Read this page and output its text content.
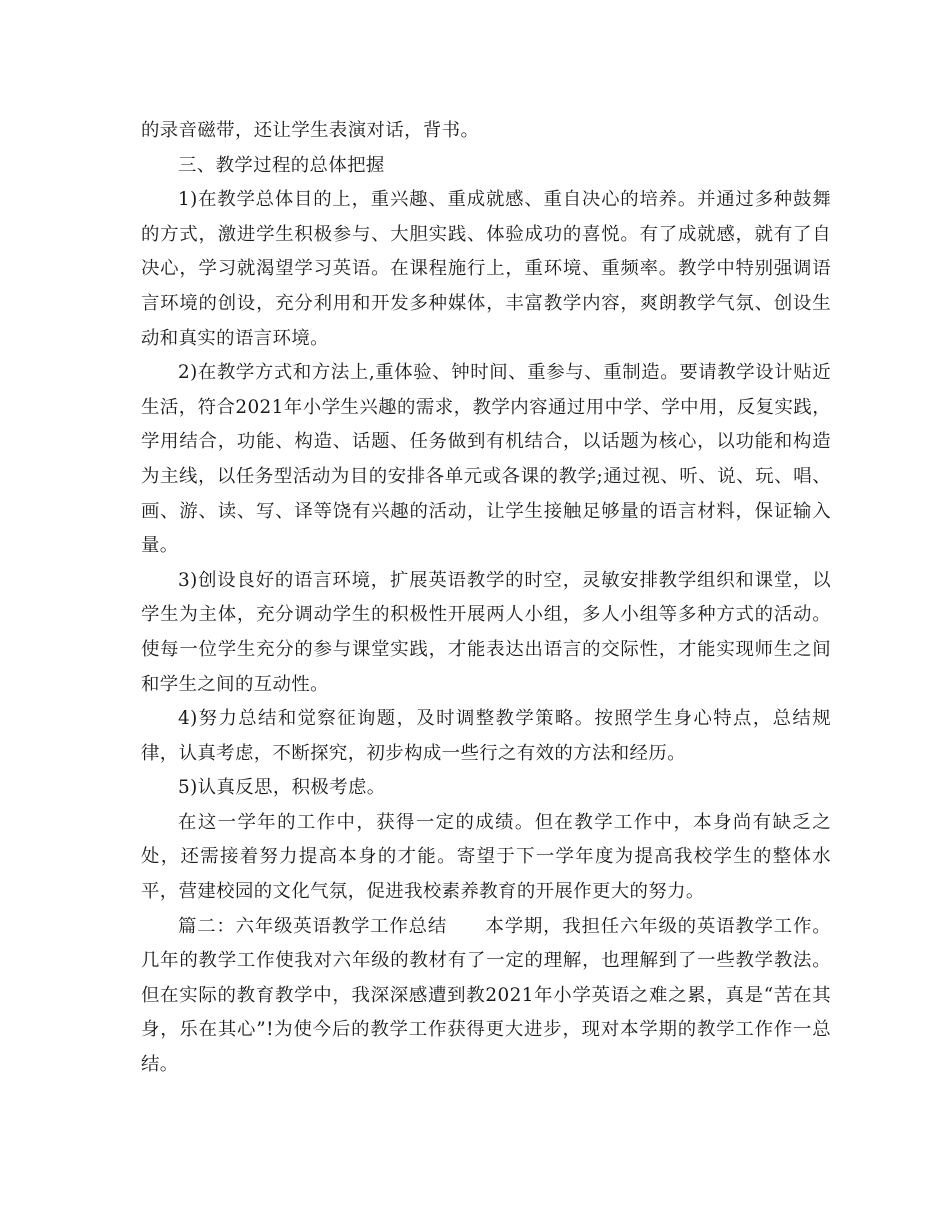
的录音磁带，还让学生表演对话，背书。

三、教学过程的总体把握

1)在教学总体目的上，重兴趣、重成就感、重自决心的培养。并通过多种鼓舞的方式，激进学生积极参与、大胆实践、体验成功的喜悦。有了成就感，就有了自决心，学习就渴望学习英语。在课程施行上，重环境、重频率。教学中特别强调语言环境的创设，充分利用和开发多种媒体，丰富教学内容，爽朗教学气氛、创设生动和真实的语言环境。

2)在教学方式和方法上,重体验、钟时间、重参与、重制造。要请教学设计贴近生活，符合2021年小学生兴趣的需求，教学内容通过用中学、学中用，反复实践，学用结合，功能、构造、话题、任务做到有机结合，以话题为核心，以功能和构造为主线，以任务型活动为目的安排各单元或各课的教学;通过视、听、说、玩、唱、画、游、读、写、译等饶有兴趣的活动，让学生接触足够量的语言材料，保证输入量。

3)创设良好的语言环境，扩展英语教学的时空，灵敏安排教学组织和课堂，以学生为主体，充分调动学生的积极性开展两人小组，多人小组等多种方式的活动。使每一位学生充分的参与课堂实践，才能表达出语言的交际性，才能实现师生之间和学生之间的互动性。

4)努力总结和觉察征询题，及时调整教学策略。按照学生身心特点，总结规律，认真考虑，不断探究，初步构成一些行之有效的方法和经历。

5)认真反思，积极考虑。

在这一学年的工作中，获得一定的成绩。但在教学工作中，本身尚有缺乏之处，还需接着努力提高本身的才能。寄望于下一学年度为提高我校学生的整体水平，营建校园的文化气氛，促进我校素养教育的开展作更大的努力。

篇二：六年级英语教学工作总结　　本学期，我担任六年级的英语教学工作。几年的教学工作使我对六年级的教材有了一定的理解，也理解到了一些教学教法。但在实际的教育教学中，我深深感遭到教2021年小学英语之难之累，真是“苦在其身，乐在其心”!为使今后的教学工作获得更大进步，现对本学期的教学工作作一总结。
